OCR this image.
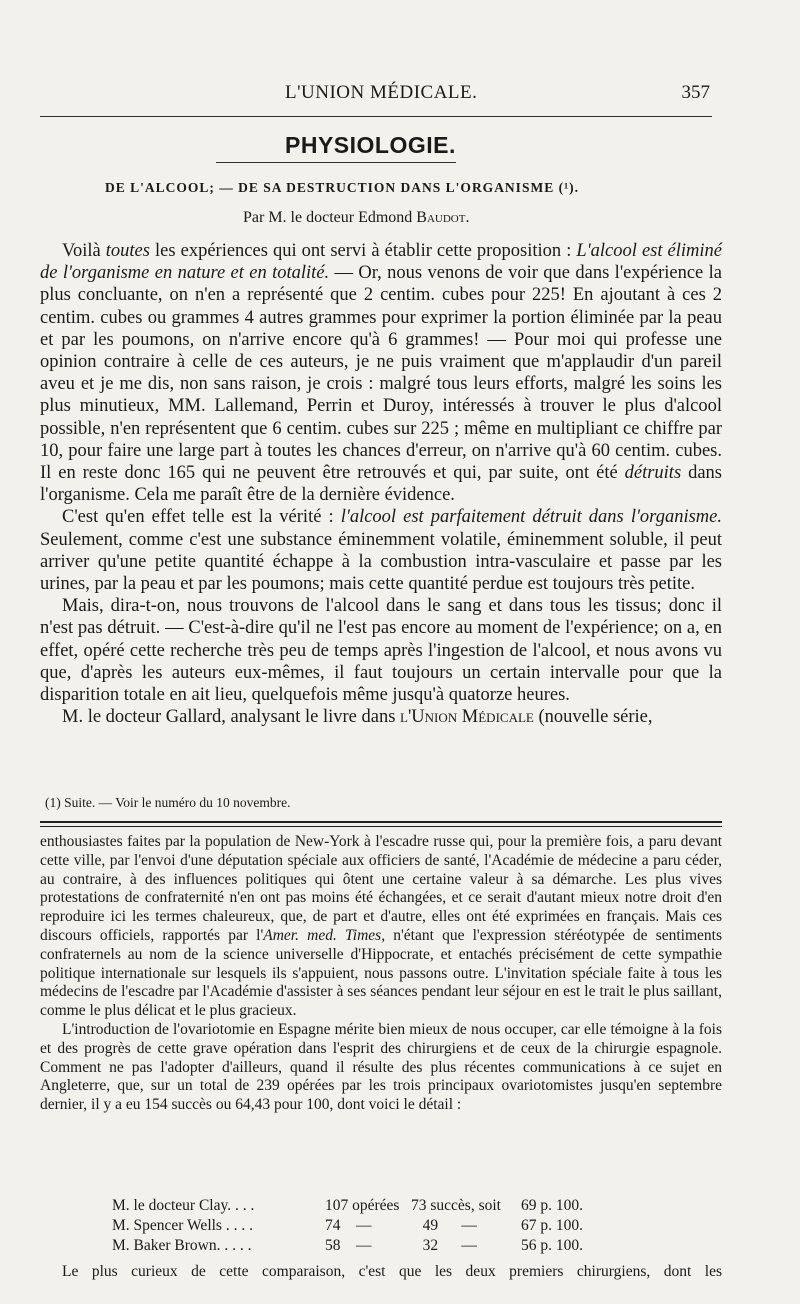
L'UNION MÉDICALE.	357
PHYSIOLOGIE.
DE L'ALCOOL; — DE SA DESTRUCTION DANS L'ORGANISME (¹).
Par M. le docteur Edmond Baudot.

Voilà toutes les expériences qui ont servi à établir cette proposition : L'alcool est éliminé de l'organisme en nature et en totalité. — Or, nous venons de voir que dans l'expérience la plus concluante, on n'en a représenté que 2 centim. cubes pour 225! En ajoutant à ces 2 centim. cubes ou grammes 4 autres grammes pour exprimer la portion éliminée par la peau et par les poumons, on n'arrive encore qu'à 6 grammes! — Pour moi qui professe une opinion contraire à celle de ces auteurs, je ne puis vraiment que m'applaudir d'un pareil aveu et je me dis, non sans raison, je crois : malgré tous leurs efforts, malgré les soins les plus minutieux, MM. Lallemand, Perrin et Duroy, intéressés à trouver le plus d'alcool possible, n'en représentent que 6 centim. cubes sur 225 ; même en multipliant ce chiffre par 10, pour faire une large part à toutes les chances d'erreur, on n'arrive qu'à 60 centim. cubes. Il en reste donc 165 qui ne peuvent être retrouvés et qui, par suite, ont été détruits dans l'organisme. Cela me paraît être de la dernière évidence.

C'est qu'en effet telle est la vérité : l'alcool est parfaitement détruit dans l'organisme. Seulement, comme c'est une substance éminemment volatile, éminemment soluble, il peut arriver qu'une petite quantité échappe à la combustion intra-vasculaire et passe par les urines, par la peau et par les poumons; mais cette quantité perdue est toujours très petite.

Mais, dira-t-on, nous trouvons de l'alcool dans le sang et dans tous les tissus; donc il n'est pas détruit. — C'est-à-dire qu'il ne l'est pas encore au moment de l'expérience; on a, en effet, opéré cette recherche très peu de temps après l'ingestion de l'alcool, et nous avons vu que, d'après les auteurs eux-mêmes, il faut toujours un certain intervalle pour que la disparition totale en ait lieu, quelquefois même jusqu'à quatorze heures.

M. le docteur Gallard, analysant le livre dans l'Union Médicale (nouvelle série,

(1) Suite. — Voir le numéro du 10 novembre.

enthousiastes faites par la population de New-York à l'escadre russe qui, pour la première fois, a paru devant cette ville, par l'envoi d'une députation spéciale aux officiers de santé, l'Académie de médecine a paru céder, au contraire, à des influences politiques qui ôtent une certaine valeur à sa démarche. Les plus vives protestations de confraternité n'en ont pas moins été échangées, et ce serait d'autant mieux notre droit d'en reproduire ici les termes chaleureux, que, de part et d'autre, elles ont été exprimées en français. Mais ces discours officiels, rapportés par l'Amer. med. Times, n'étant que l'expression stéréotypée de sentiments confraternels au nom de la science universelle d'Hippocrate, et entachés précisément de cette sympathie politique internationale sur lesquels ils s'appuient, nous passons outre. L'invitation spéciale faite à tous les médecins de l'escadre par l'Académie d'assister à ses séances pendant leur séjour en est le trait le plus saillant, comme le plus délicat et le plus gracieux.

L'introduction de l'ovariotomie en Espagne mérite bien mieux de nous occuper, car elle témoigne à la fois et des progrès de cette grave opération dans l'esprit des chirurgiens et de ceux de la chirurgie espagnole. Comment ne pas l'adopter d'ailleurs, quand il résulte des plus récentes communications à ce sujet en Angleterre, que, sur un total de 239 opérées par les trois principaux ovariotomistes jusqu'en septembre dernier, il y a eu 154 succès ou 64,43 pour 100, dont voici le détail :

M. le docteur Clay. . . .	107 opérées	73 succès, soit	69 p. 100.
M. Spencer Wells . . . .	74 —	49 —	67 p. 100.
M. Baker Brown. . . . .	58 —	32 —	56 p. 100.
Le plus curieux de cette comparaison, c'est que les deux premiers chirurgiens, dont les
